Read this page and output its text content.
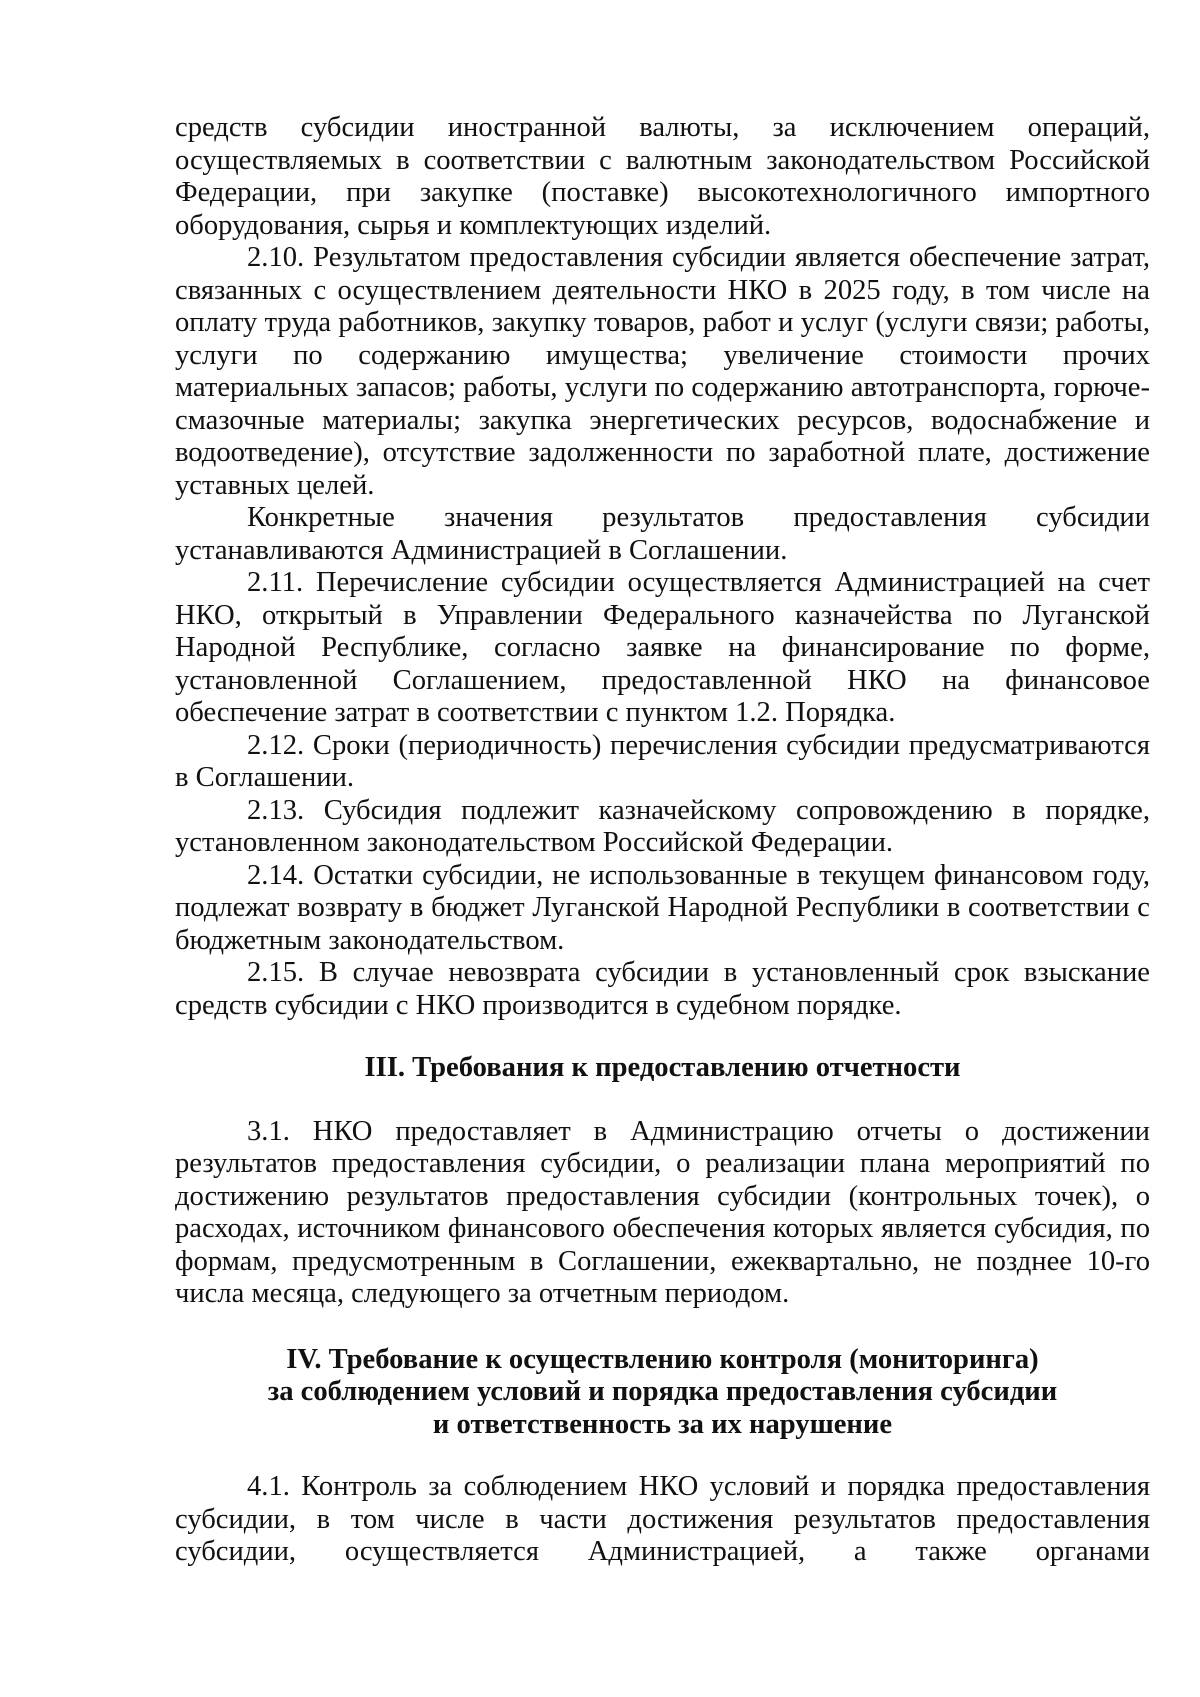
средств субсидии иностранной валюты, за исключением операций, осуществляемых в соответствии с валютным законодательством Российской Федерации, при закупке (поставке) высокотехнологичного импортного оборудования, сырья и комплектующих изделий.

2.10. Результатом предоставления субсидии является обеспечение затрат, связанных с осуществлением деятельности НКО в 2025 году, в том числе на оплату труда работников, закупку товаров, работ и услуг (услуги связи; работы, услуги по содержанию имущества; увеличение стоимости прочих материальных запасов; работы, услуги по содержанию автотранспорта, горюче-смазочные материалы; закупка энергетических ресурсов, водоснабжение и водоотведение), отсутствие задолженности по заработной плате, достижение уставных целей.

Конкретные значения результатов предоставления субсидии устанавливаются Администрацией в Соглашении.

2.11. Перечисление субсидии осуществляется Администрацией на счет НКО, открытый в Управлении Федерального казначейства по Луганской Народной Республике, согласно заявке на финансирование по форме, установленной Соглашением, предоставленной НКО на финансовое обеспечение затрат в соответствии с пунктом 1.2. Порядка.

2.12. Сроки (периодичность) перечисления субсидии предусматриваются в Соглашении.

2.13. Субсидия подлежит казначейскому сопровождению в порядке, установленном законодательством Российской Федерации.

2.14. Остатки субсидии, не использованные в текущем финансовом году, подлежат возврату в бюджет Луганской Народной Республики в соответствии с бюджетным законодательством.

2.15. В случае невозврата субсидии в установленный срок взыскание средств субсидии с НКО производится в судебном порядке.

III. Требования к предоставлению отчетности

3.1. НКО предоставляет в Администрацию отчеты о достижении результатов предоставления субсидии, о реализации плана мероприятий по достижению результатов предоставления субсидии (контрольных точек), о расходах, источником финансового обеспечения которых является субсидия, по формам, предусмотренным в Соглашении, ежеквартально, не позднее 10-го числа месяца, следующего за отчетным периодом.

IV. Требование к осуществлению контроля (мониторинга)
за соблюдением условий и порядка предоставления субсидии
и ответственность за их нарушение

4.1. Контроль за соблюдением НКО условий и порядка предоставления субсидии, в том числе в части достижения результатов предоставления субсидии, осуществляется Администрацией, а также органами
